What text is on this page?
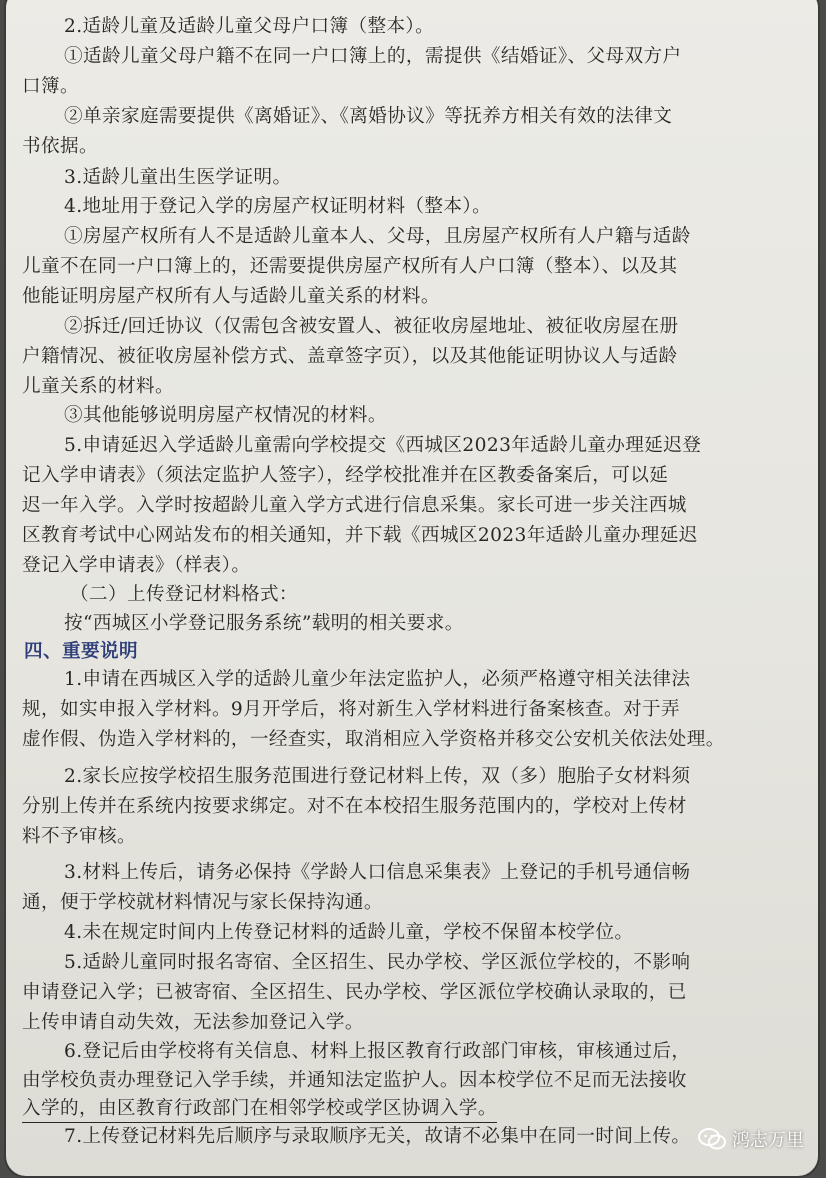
2.适龄儿童及适龄儿童父母户口簿（整本）。
①适龄儿童父母户籍不在同一户口簿上的，需提供《结婚证》、父母双方户
口簿。
②单亲家庭需要提供《离婚证》、《离婚协议》等抚养方相关有效的法律文
书依据。
3.适龄儿童出生医学证明。
4.地址用于登记入学的房屋产权证明材料（整本）。
①房屋产权所有人不是适龄儿童本人、父母，且房屋产权所有人户籍与适龄
儿童不在同一户口簿上的，还需要提供房屋产权所有人户口簿（整本）、以及其
他能证明房屋产权所有人与适龄儿童关系的材料。
②拆迁/回迁协议（仅需包含被安置人、被征收房屋地址、被征收房屋在册
户籍情况、被征收房屋补偿方式、盖章签字页），以及其他能证明协议人与适龄
儿童关系的材料。
③其他能够说明房屋产权情况的材料。
5.申请延迟入学适龄儿童需向学校提交《西城区2023年适龄儿童办理延迟登
记入学申请表》（须法定监护人签字），经学校批准并在区教委备案后，可以延
迟一年入学。入学时按超龄儿童入学方式进行信息采集。家长可进一步关注西城
区教育考试中心网站发布的相关通知，并下载《西城区2023年适龄儿童办理延迟
登记入学申请表》（样表）。
（二）上传登记材料格式：
按“西城区小学登记服务系统”载明的相关要求。
四、重要说明
1.申请在西城区入学的适龄儿童少年法定监护人，必须严格遵守相关法律法
规，如实申报入学材料。9月开学后，将对新生入学材料进行备案核查。对于弄
虚作假、伪造入学材料的，一经查实，取消相应入学资格并移交公安机关依法处理。
2.家长应按学校招生服务范围进行登记材料上传，双（多）胞胎子女材料须
分别上传并在系统内按要求绑定。对不在本校招生服务范围内的，学校对上传材
料不予审核。
3.材料上传后，请务必保持《学龄人口信息采集表》上登记的手机号通信畅
通，便于学校就材料情况与家长保持沟通。
4.未在规定时间内上传登记材料的适龄儿童，学校不保留本校学位。
5.适龄儿童同时报名寄宿、全区招生、民办学校、学区派位学校的，不影响
申请登记入学；已被寄宿、全区招生、民办学校、学区派位学校确认录取的，已
上传申请自动失效，无法参加登记入学。
6.登记后由学校将有关信息、材料上报区教育行政部门审核，审核通过后，
由学校负责办理登记入学手续，并通知法定监护人。因本校学位不足而无法接收
入学的，由区教育行政部门在相邻学校或学区协调入学。
7.上传登记材料先后顺序与录取顺序无关，故请不必集中在同一时间上传。 鸿志万里
